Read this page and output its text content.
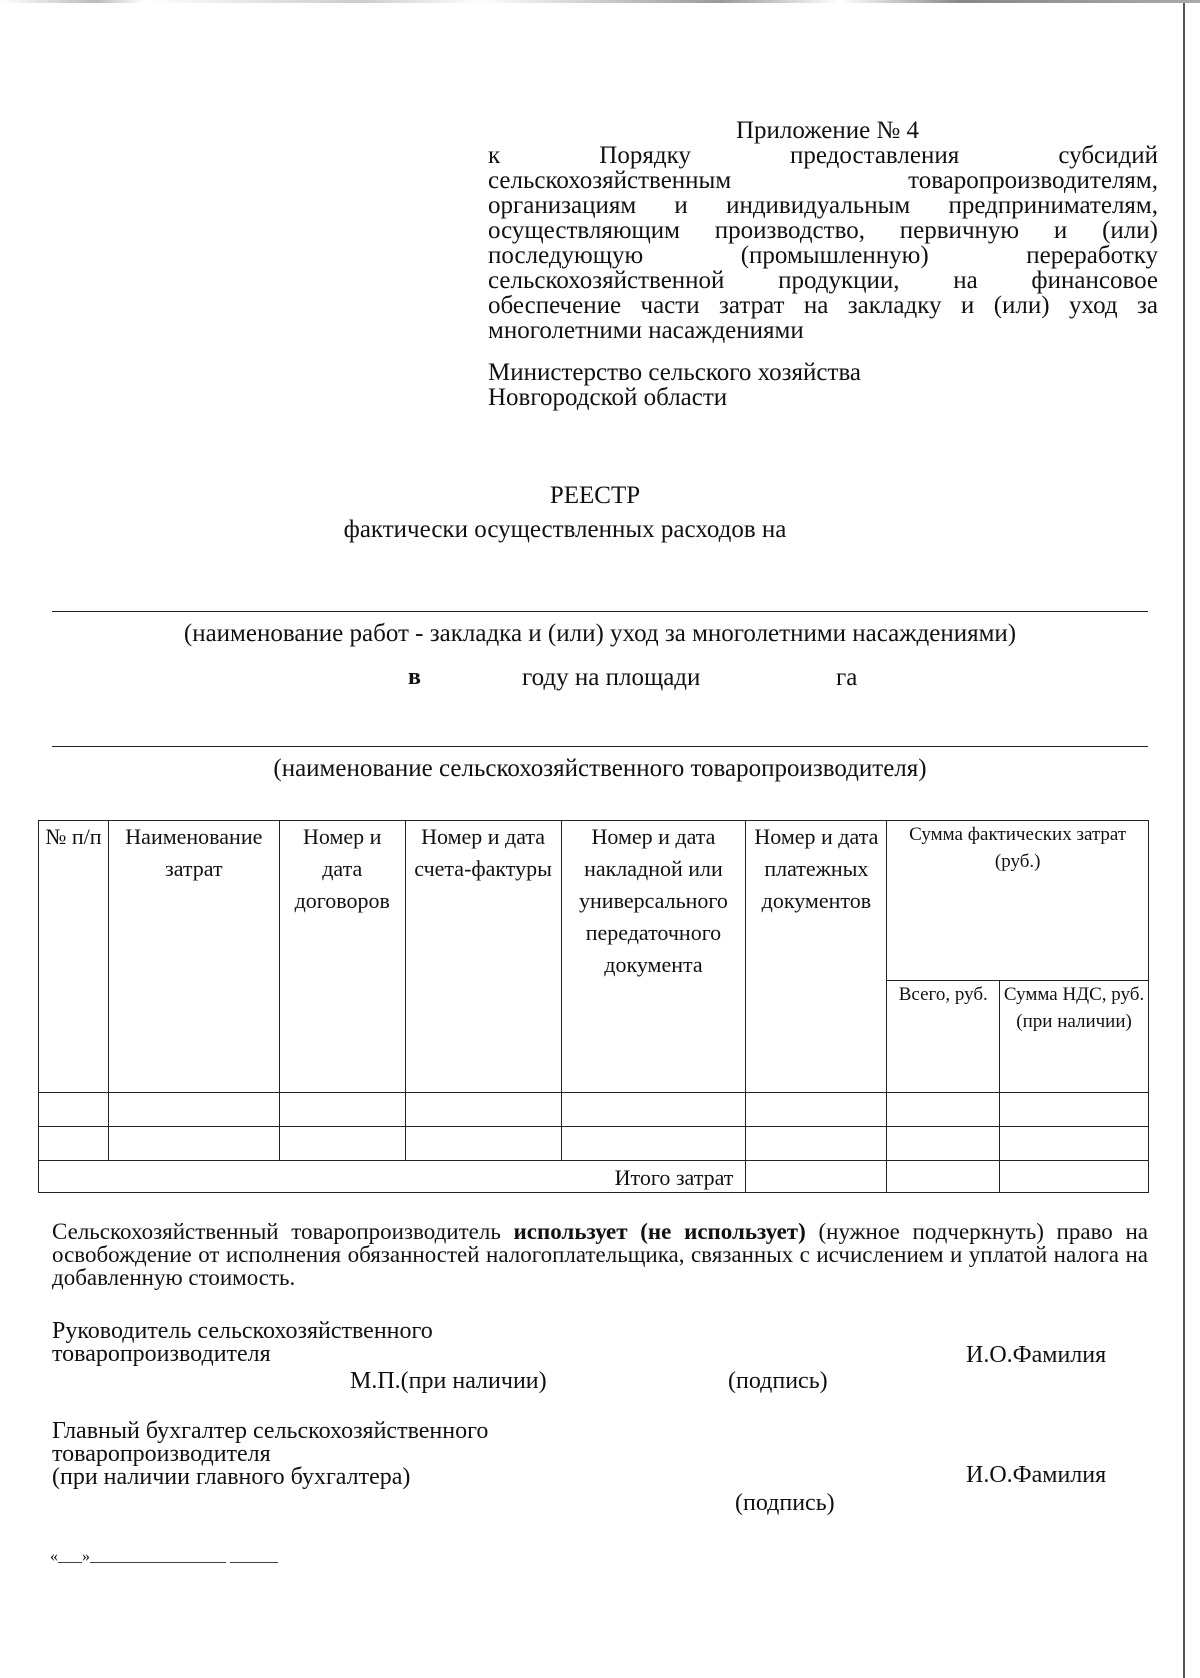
Приложение № 4
к Порядку предоставления субсидий
сельскохозяйственным товаропроизводителям,
организациям и индивидуальным предпринимателям,
осуществляющим производство, первичную и (или)
последующую (промышленную) переработку
сельскохозяйственной продукции, на финансовое
обеспечение части затрат на закладку и (или) уход за
многолетними насаждениями
Министерство сельского хозяйства
Новгородской области
РЕЕСТР
фактически осуществленных расходов на
(наименование работ - закладка и (или) уход за многолетними насаждениями)
в	году на площади	га
(наименование сельскохозяйственного товаропроизводителя)
№ п/п	Наименование затрат	Номер и дата договоров	Номер и дата счета-фактуры	Номер и дата накладной или универсального передаточного документа	Номер и дата платежных документов	Сумма фактических затрат (руб.)	
						Всего, руб.	Сумма НДС, руб. (при наличии)

Итого затрат							
Сельскохозяйственный товаропроизводитель использует (не использует) (нужное подчеркнуть) право на освобождение от исполнения обязанностей налогоплательщика, связанных с исчислением и уплатой налога на добавленную стоимость.
Руководитель сельскохозяйственного
товаропроизводителя
М.П.(при наличии)	(подпись)
И.О.Фамилия
Главный бухгалтер сельскохозяйственного
товаропроизводителя
(при наличии главного бухгалтера)
(подпись)
И.О.Фамилия
«___»_________________ ______
